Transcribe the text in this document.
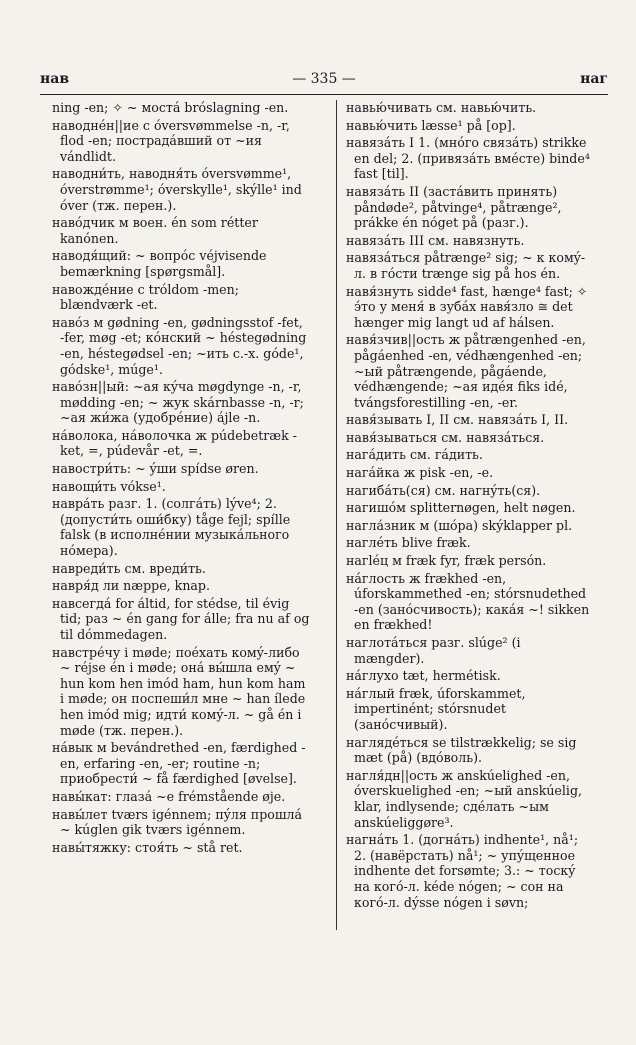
нав	— 335 —	наг

ning -en; ✧ ~ мостá bróslagning -en.

наводнéн||ие с óversvømmelse -n, -r, flod -en; пострадáвший от ~ия vándlidt.

наводни́ть, наводня́ть óversvømme¹, óverstrømme¹; óverskylle¹, skýlle¹ ind óver (тж. перен.).

навóдчик м воен. én som rétter kanónen.

наводя́щий: ~ вопрóс véjvisende bemærkning [spørgsmål].

навождéние с tróldom -men; blændværk -et.

навóз м gødning -en, gødningsstof -fet, -fer, møg -et; кóнский ~ héstegødning -en, héstegødsel -en; ~ить с.-х. góde¹, gódske¹, múge¹.

навóзн||ый: ~ая кýча møgdynge -n, -r, mødding -en; ~ жук skárnbasse -n, -r; ~ая жи́жа (удобрéние) ájle -n.

нáволока, нáволочка ж púdebetræk -ket, =, púdevår -et, =.

навостри́ть: ~ ýши spídse øren.

навощи́ть vókse¹.

навра́ть разг. 1. (солгáть) lýve⁴; 2. (допусти́ть оши́бку) tåge fejl; spílle falsk (в исполнéнии музыкáльного нóмера).

навреди́ть см. вреди́ть.

навря́д ли næppe, knap.

навсегдá for áltid, for stédse, til évig tid; раз ~ én gang for álle; fra nu af og til dómmedagen.

навстрéчу i møde; поéхать комý-либо ~ réjse én i møde; онá вы́шла емý ~ hun kom hen imód ham, hun kom ham i møde; он поспеши́л мне ~ han ílede hen imód mig; идти́ комý-л. ~ gå én i møde (тж. перен.).

нáвык м bevándrethed -en, færdighed -en, erfaring -en, -er; routine -n; приобрести́ ~ få færdighed [øvelse].

навы́кат: глазá ~e frémstående øje.

навы́лет tværs igénnem; пýля прошлá ~ kúglen gik tværs igénnem.

навы́тяжку: стоя́ть ~ stå ret.

навью́чивать см. навью́чить.

навью́чить læsse¹ på [op].

навязáть I 1. (мнóго связáть) strikke en del; 2. (привязáть вмéсте) binde⁴ fast [til].

навязáть II (застáвить принять) påndøde², påtvinge⁴, påtrænge², prákke én nóget på (разг.).

навязáть III см. навязнуть.

навязáться påtrænge² sig; ~ к комý-л. в гóсти trænge sig på hos én.

навя́знуть sidde⁴ fast, hænge⁴ fast; ✧ э́то у меня́ в зубáх навя́зло ≅ det hænger mig langt ud af hálsen.

навя́зчив||ость ж påtrængenhed -en, pågáenhed -en, védhængenhed -en; ~ый påtrængende, pågáende, védhængende; ~ая идéя fiks idé, tvángsforestilling -en, -er.

навя́зывать I, II см. навязáть I, II.

навя́зываться см. навязáться.

нагáдить см. гáдить.

нагáйка ж pisk -en, -e.

нагибáть(ся) см. нагнýть(ся).

нагишóм splitternøgen, helt nøgen.

нагла́зник м (шóра) skýklapper pl.

наглéть blive fræk.

нагléц м fræk fyr, fræk persón.

нáглость ж frækhed -en, úforskammethed -en; stórsnudethed -en (занóсчивость); какáя ~! sikken en frækhed!

наглотáться разг. slúge² (i mængder).

нáглухо tæt, hermétisk.

нáглый fræk, úforskammet, impertinént; stórsnudet (занóсчивый).

наглядéться se tilstrækkelig; se sig mæt (på) (вдóволь).

нагля́дн||ость ж anskúelighed -en, óverskuelighed -en; ~ый anskúelig, klar, indlysende; сдéлать ~ым anskúeliggøre³.

нагнáть 1. (догнáть) indhente¹, nå¹; 2. (навёрстать) nå¹; ~ упýщенное indhente det forsømte; 3.: ~ тоскý на когó-л. kéde nógen; ~ сон на когó-л. dýsse nógen i søvn;
